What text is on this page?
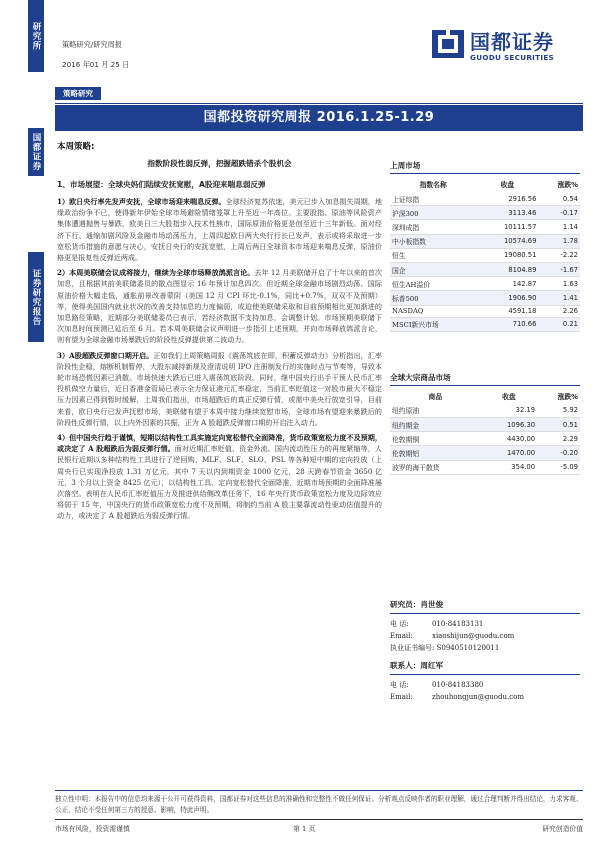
研究所
国都证券
证券研究报告
策略研究/研究周报
2016 年01 月 25 日
国都证券
GUODU SECURITIES
策略研究
国都投资研究周报 2016.1.25-1.29
本周策略:
指数阶段性弱反弹，把握超跌错杀个股机会
1、市场展望：全球央妈们陆续安抚宽慰，A股迎来喘息弱反弹

1）欧日央行率先发声安抚，全球市场迎来喘息反弹。全球经济复苏依迷，美元已步入加息损失周期，地缘政治纷争不已，使得新年伊始全球市场避险情绪笼罩上升至近一年高位。主要股指、原油等风险资产集体遭遇抛售与暴跌，欧美日三大股指步入技术性熊市，国际原油价格更是创至近十三年新低。面对经济下行、通缩加剧风险及金融市场动荡压力，上周四起欧日两大央行行长已发声，表示或将采取进一步宽松货币措施的意愿与决心，安抚日央行的安抚宽慰，上周后两日全球资本市场迎来喘息反弹，原油价格更是报复性反弹近两成。

2）本周美联储会议成将接力，继续为全球市场释放鸽派言论。去年 12 月美联储开启了十年以来的首次加息，且根据其前美联储委员的散点图显示 16 年预计加息四次。但近期全球金融市场剧烈动荡、国际原油价格大幅走低，通胀前景改善蒙阴（美国 12 月 CPI 环比-0.1%，同比+0.7%，双双不及预期）等，使得美国国内就业状况的改善支持加息的力度偏弱，或迫使美联储采取和目前预期相比更加渐进的加息路径策略，近期部分美联储委员已表示，若经济数据不支持加息，会调整计划。市场预期美联储下次加息时间预测已延后至 6 月。若本周美联储会议声明进一步指引上述预期，并向市场释放鸽派言论，则有望为全球金融市场暴跌后的阶段性反弹提供第二波动力。

3）A股超跌反弹窗口期开启。正如我们上周策略周报《震荡筑底在即，积蓄反弹动力》分析指出，汇率阶段性企稳，熔断机制暂停，大股东减持新规及澄清说明 IPO 注册制发行的实施时点与节奏等，导致本轮市场恐慌因素已消散。市场快速大跌后已进入震荡筑底阶段。同时，继中国央行出手干预人民币汇率投机做空力量后，近日香港金管局已表示全力保证港元汇率稳定，当前汇率贬值这一对股市最大不稳定压力因素已得到暂时缓解，上周我们指出，市场超跌后的真正反弹行情，或需中美央行放宽引导，目前来看，欧日央行已发声抚慰市场，美联储有望于本周中接力继续宽慰市场，全球市场有望迎来暴跌后的阶段性反弹行情，以上内外因素的共振，正为 A 股超跌反弹窗口期的开启注入动力。

4）但中国央行趋于谨慎，短期以结构性工具实施定向宽松替代全面降准，货币政策宽松力度不及预期，或决定了 A 股超跌后为弱反弹行情。面对近期汇率贬值、资金外流、国内流动性压力的再度紧缩等，人民银行近期以多种结构性工具进行了逆回购、MLF、SLF、SLO、PSL 等各种短中期的定向投放（上周央行已实现净投放 1.31 万亿元，其中 7 天以内到期资金 1000 亿元，28 天跨春节资金 3650 亿元，3 个月以上资金 8425 亿元），以结构性工具、定向宽松替代全面降准，近期市场预期的全面降准屡次落空。表明在人民币汇率贬值压力及推进供给侧改革任务下，16 年央行货币政策宽松力度及边际效应将弱于 15 年，中国央行的货币政策宽松力度不及预期，将制约当前 A 股主要靠流动性驱动估值提升的动力，或决定了 A 股超跌后为弱反弹行情。

上周市场
指数名称	收盘	涨跌%
上证综指	2916.56	0.54
沪深300	3113.46	-0.17
深圳成指	10111.57	1.14
中小板指数	10574.69	1.78
恒生	19080.51	-2.22
国企	8104.89	-1.67
恒生AH溢价	142.87	1.63
标普500	1906.90	1.41
NASDAQ	4591.18	2.26
MSCI新兴市场	710.66	0.21
全球大宗商品市场
商品	收盘	涨跌%
纽约原油	32.19	5.92
纽约期金	1096.30	0.51
伦敦期铜	4430.00	2.29
伦敦期铝	1470.00	-0.20
波罗的海干散货	354.00	-5.09
研究员：肖世俊
电 话:	010-84183131
Email:	xiaoshijun@guodu.com
执业证书编号: S0940510120011
联系人：周红军
电 话:	010-84183380
Email:	zhouhongjun@guodu.com
独立性申明：本报告中的信息均来源于公开可获得资料，国都证券对这些信息的准确性和完整性不做任何保证。分析观点反映作者的职业理解，通过合理判断并得出结论，力求客观、公正，结论不受任何第三方的授意、影响，特此声明。
市场有风险，投资需谨慎	第 1 页	研究创造价值
